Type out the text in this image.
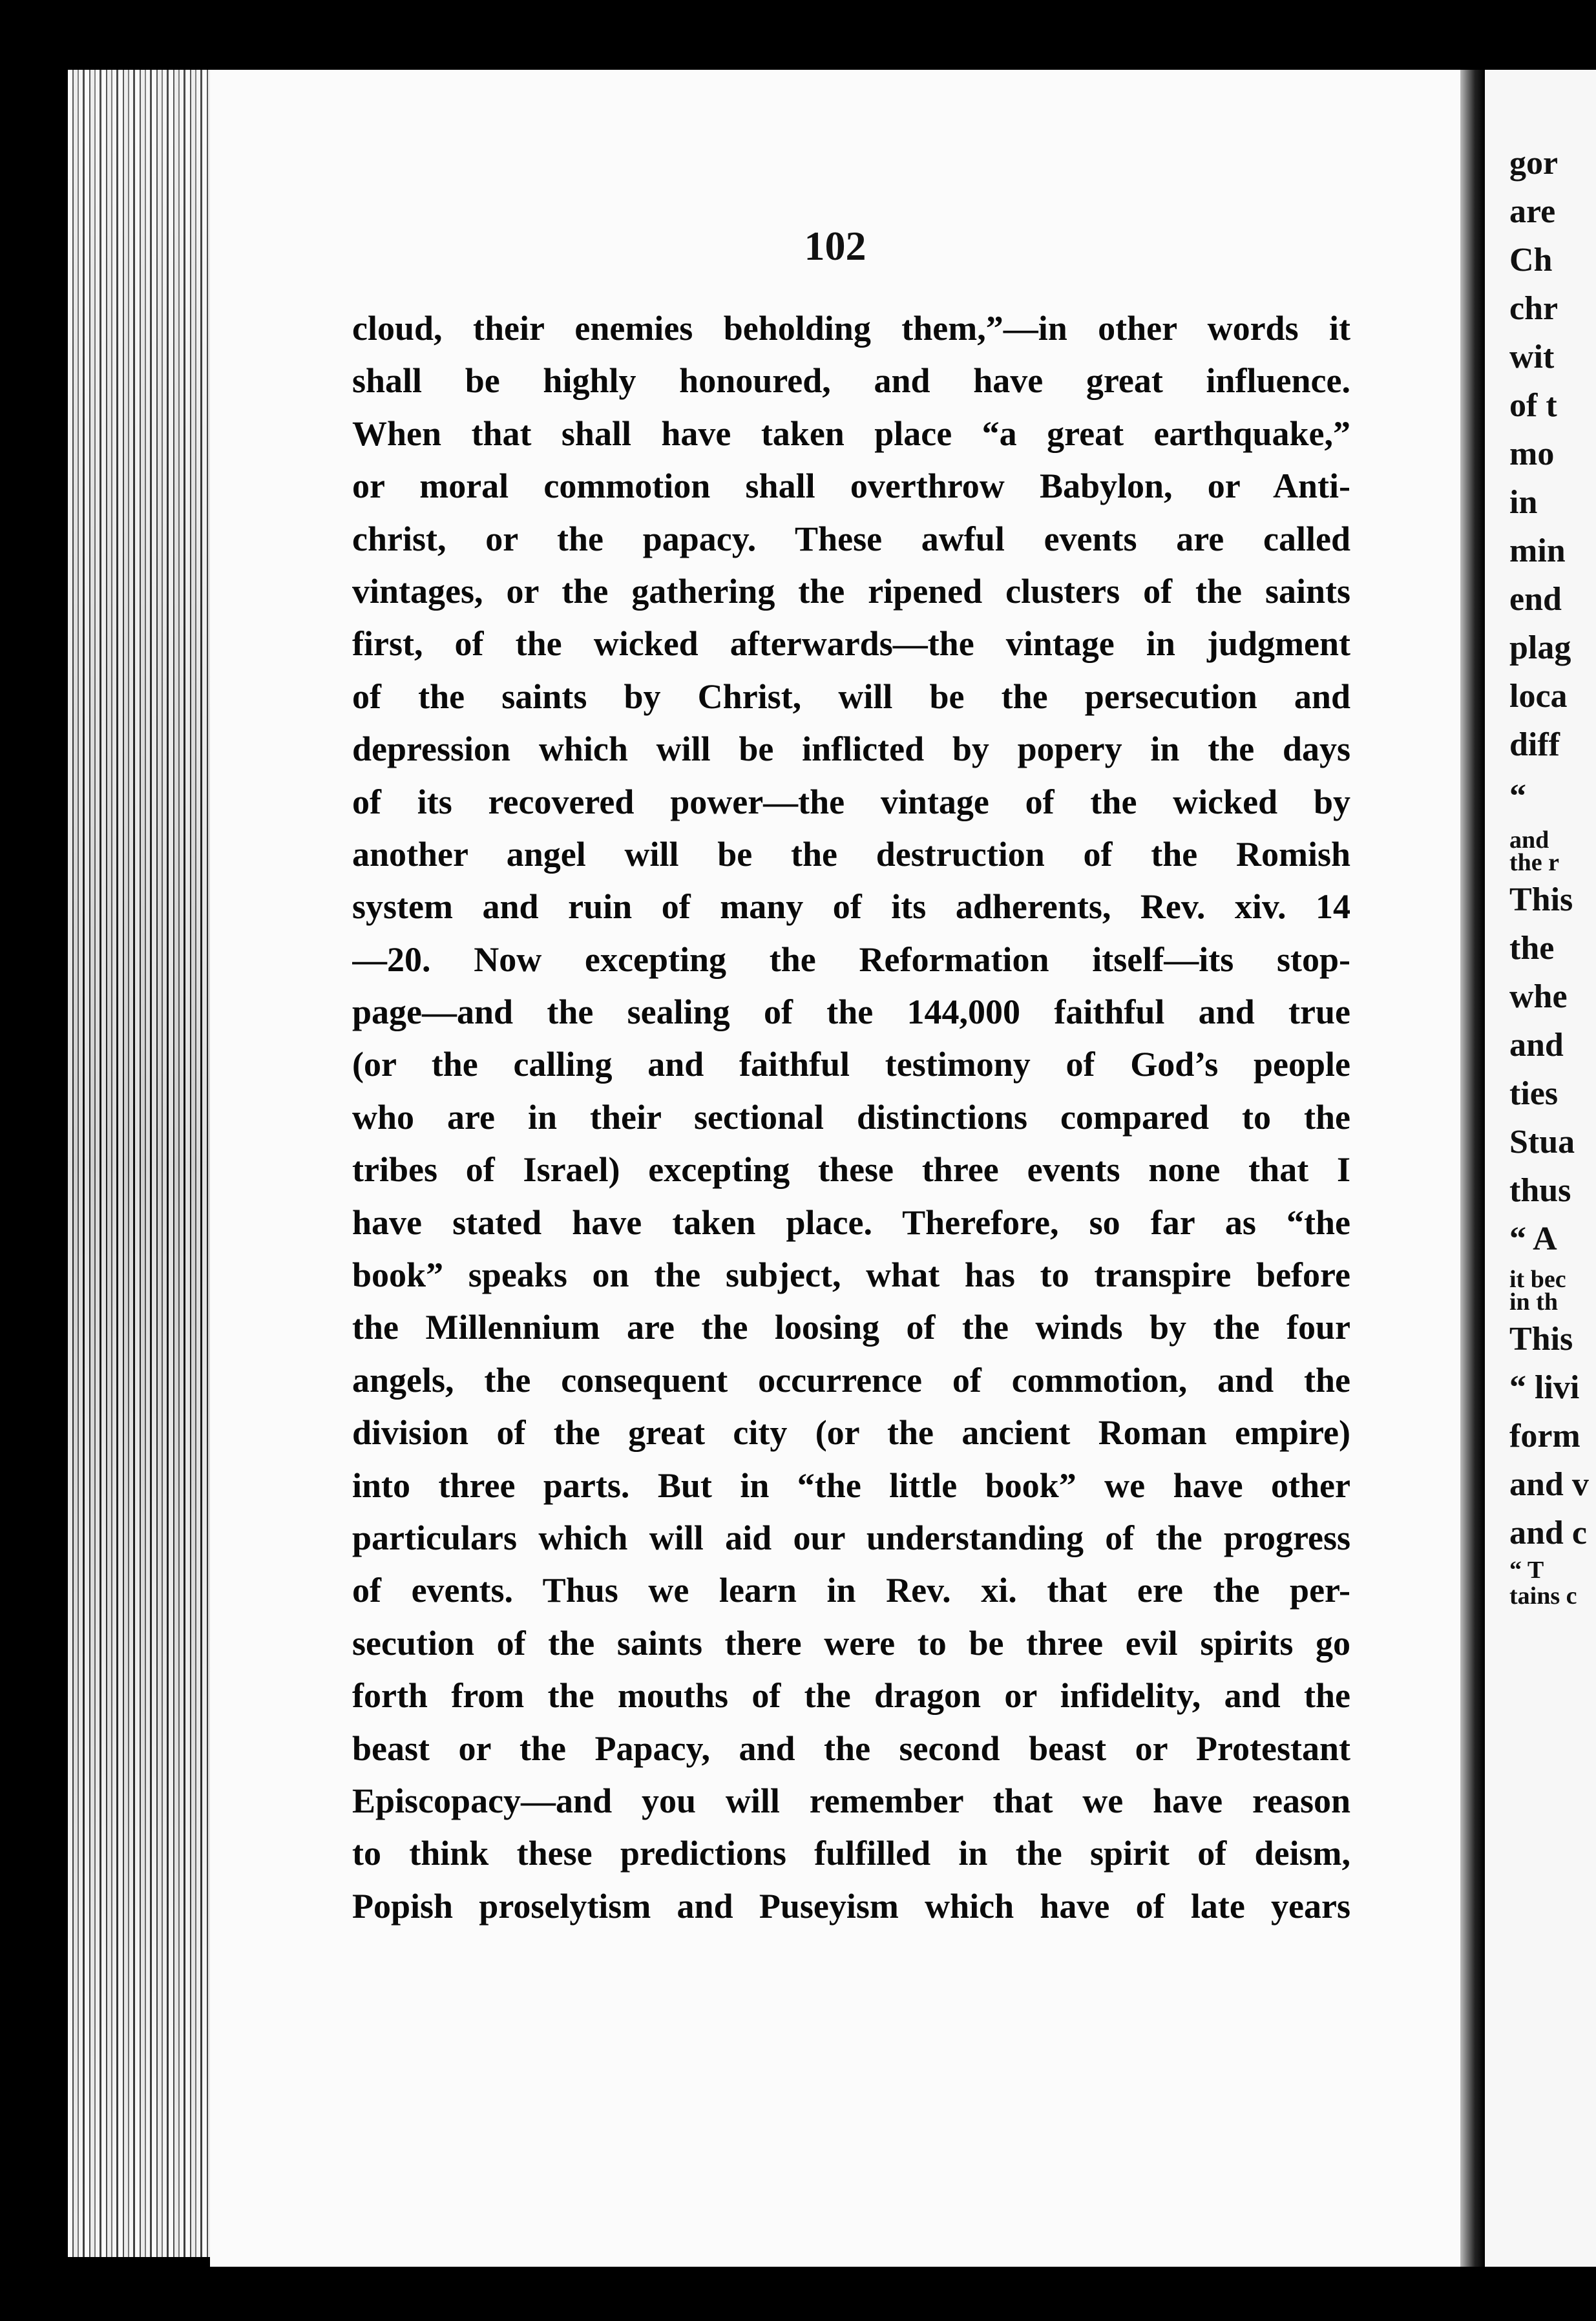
102
cloud, their enemies beholding them,”—in other words it
shall be highly honoured, and have great influence.
When that shall have taken place “a great earthquake,”
or moral commotion shall overthrow Babylon, or Anti-
christ, or the papacy. These awful events are called
vintages, or the gathering the ripened clusters of the saints
first, of the wicked afterwards—the vintage in judgment
of the saints by Christ, will be the persecution and
depression which will be inflicted by popery in the days
of its recovered power—the vintage of the wicked by
another angel will be the destruction of the Romish
system and ruin of many of its adherents, Rev. xiv. 14
—20. Now excepting the Reformation itself—its stop-
page—and the sealing of the 144,000 faithful and true
(or the calling and faithful testimony of God’s people
who are in their sectional distinctions compared to the
tribes of Israel) excepting these three events none that I
have stated have taken place. Therefore, so far as “the
book” speaks on the subject, what has to transpire before
the Millennium are the loosing of the winds by the four
angels, the consequent occurrence of commotion, and the
division of the great city (or the ancient Roman empire)
into three parts. But in “the little book” we have other
particulars which will aid our understanding of the progress
of events. Thus we learn in Rev. xi. that ere the per-
secution of the saints there were to be three evil spirits go
forth from the mouths of the dragon or infidelity, and the
beast or the Papacy, and the second beast or Protestant
Episcopacy—and you will remember that we have reason
to think these predictions fulfilled in the spirit of deism,
Popish proselytism and Puseyism which have of late years
gor
are
Ch
chr
wit
of t
mo
in
min
end
plag
loca
diff
“
and
the r
This
the
whe
and
ties
Stua
thus
“ A
it bec
in th
This
“ livi
form
and v
and c
“ T
tains c
